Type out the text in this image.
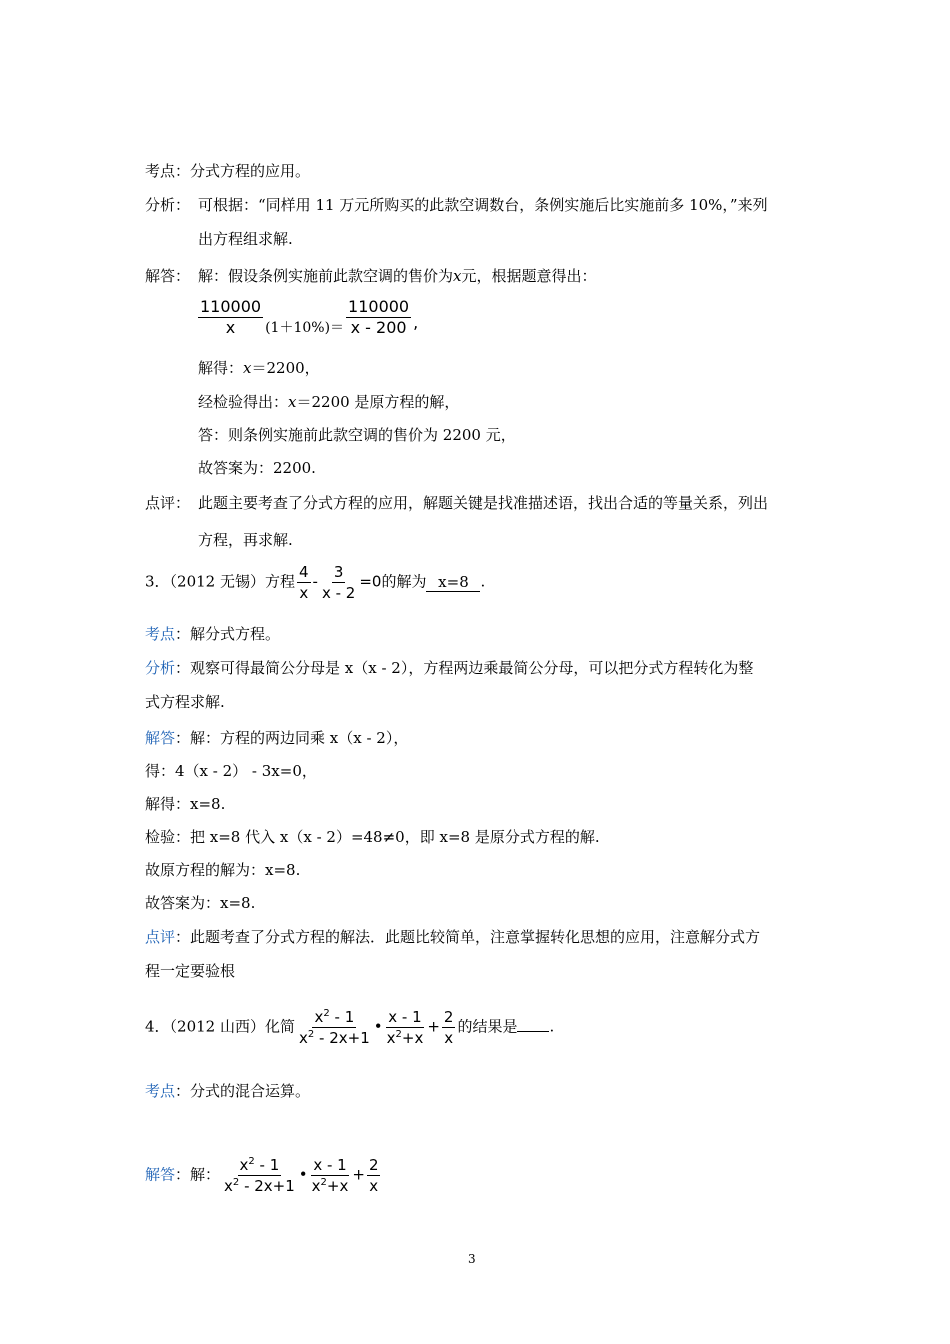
考点：分式方程的应用。
分析： 可根据：“同样用 11 万元所购买的此款空调数台，条例实施后比实施前多 10%，”来列
出方程组求解.
解答： 解：假设条例实施前此款空调的售价为x元，根据题意得出：
$\frac{110000}{x} (1+10\%)= \frac{110000}{x - 200}$ ,
解得：x＝2200，
经检验得出：x＝2200 是原方程的解，
答：则条例实施前此款空调的售价为 2200 元，
故答案为：2200.
点评： 此题主要考查了分式方程的应用，解题关键是找准描述语，找出合适的等量关系，列出
方程，再求解.
3．（2012 无锡）方程 $\frac{4}{x} - \frac{3}{x - 2} =0$的解为 x=8 .
考点：解分式方程。
分析：观察可得最简公分母是 x（x - 2），方程两边乘最简公分母，可以把分式方程转化为整
式方程求解.
解答：解：方程的两边同乘 x（x - 2），
得：4（x - 2） - 3x=0，
解得：x=8.
检验：把 x=8 代入 x（x - 2）=48≠0，即 x=8 是原分式方程的解.
故原方程的解为：x=8.
故答案为：x=8.
点评：此题考查了分式方程的解法．此题比较简单，注意掌握转化思想的应用，注意解分式方
程一定要验根
4．（2012 山西）化简 $\frac{x^2 - 1}{x^2 - 2x+1}$ • $\frac{x - 1}{x^2+x} + \frac{2}{x}$ 的结果是 .
考点：分式的混合运算。
解答：解： $\frac{x^2 - 1}{x^2 - 2x+1}$ • $\frac{x - 1}{x^2+x} + \frac{2}{x}$
3
